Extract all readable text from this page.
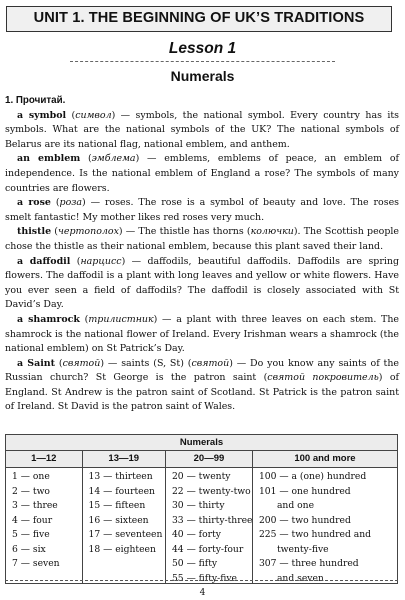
UNIT 1. THE BEGINNING OF UK’S TRADITIONS
Lesson 1
Numerals

1. Прочитай.

a symbol (символ) — symbols, the national symbol. Every country has its symbols. What are the national symbols of the UK? The national symbols of Belarus are its national flag, national emblem, and anthem.

an emblem (эмблема) — emblems, emblems of peace, an emblem of independence. Is the national emblem of England a rose? The symbols of many countries are flowers.

a rose (роза) — roses. The rose is a symbol of beauty and love. The roses smelt fantastic! My mother likes red roses very much.

thistle (чертополох) — The thistle has thorns (колючки). The Scottish people chose the thistle as their national emblem, because this plant saved their land.

a daffodil (нарцисс) — daffodils, beautiful daffodils. Daffodils are spring flowers. The daffodil is a plant with long leaves and yellow or white flowers. Have you ever seen a field of daffodils? The daffodil is closely associated with St David’s Day.

a shamrock (трилистник) — a plant with three leaves on each stem. The shamrock is the national flower of Ireland. Every Irishman wears a shamrock (the national emblem) on St Patrick’s Day.

a Saint (святой) — saints (S, St) (святой) — Do you know any saints of the Russian church? St George is the patron saint (святой покровитель) of England. St Andrew is the patron saint of Scotland. St Patrick is the patron saint of Ireland. St David is the patron saint of Wales.

Numerals
1—12
1 — one
2 — two
3 — three
4 — four
5 — five
6 — six
7 — seven
13—19
13 — thirteen
14 — fourteen
15 — fifteen
16 — sixteen
17 — seventeen
18 — eighteen
20—99
20 — twenty
22 — twenty-two
30 — thirty
33 — thirty-three
40 — forty
44 — forty-four
50 — fifty
55 — fifty-five
100 and more
100 — a (one) hundred
101 — one hundred
and one
200 — two hundred
225 — two hundred and
twenty-five
307 — three hundred
and seven
4
